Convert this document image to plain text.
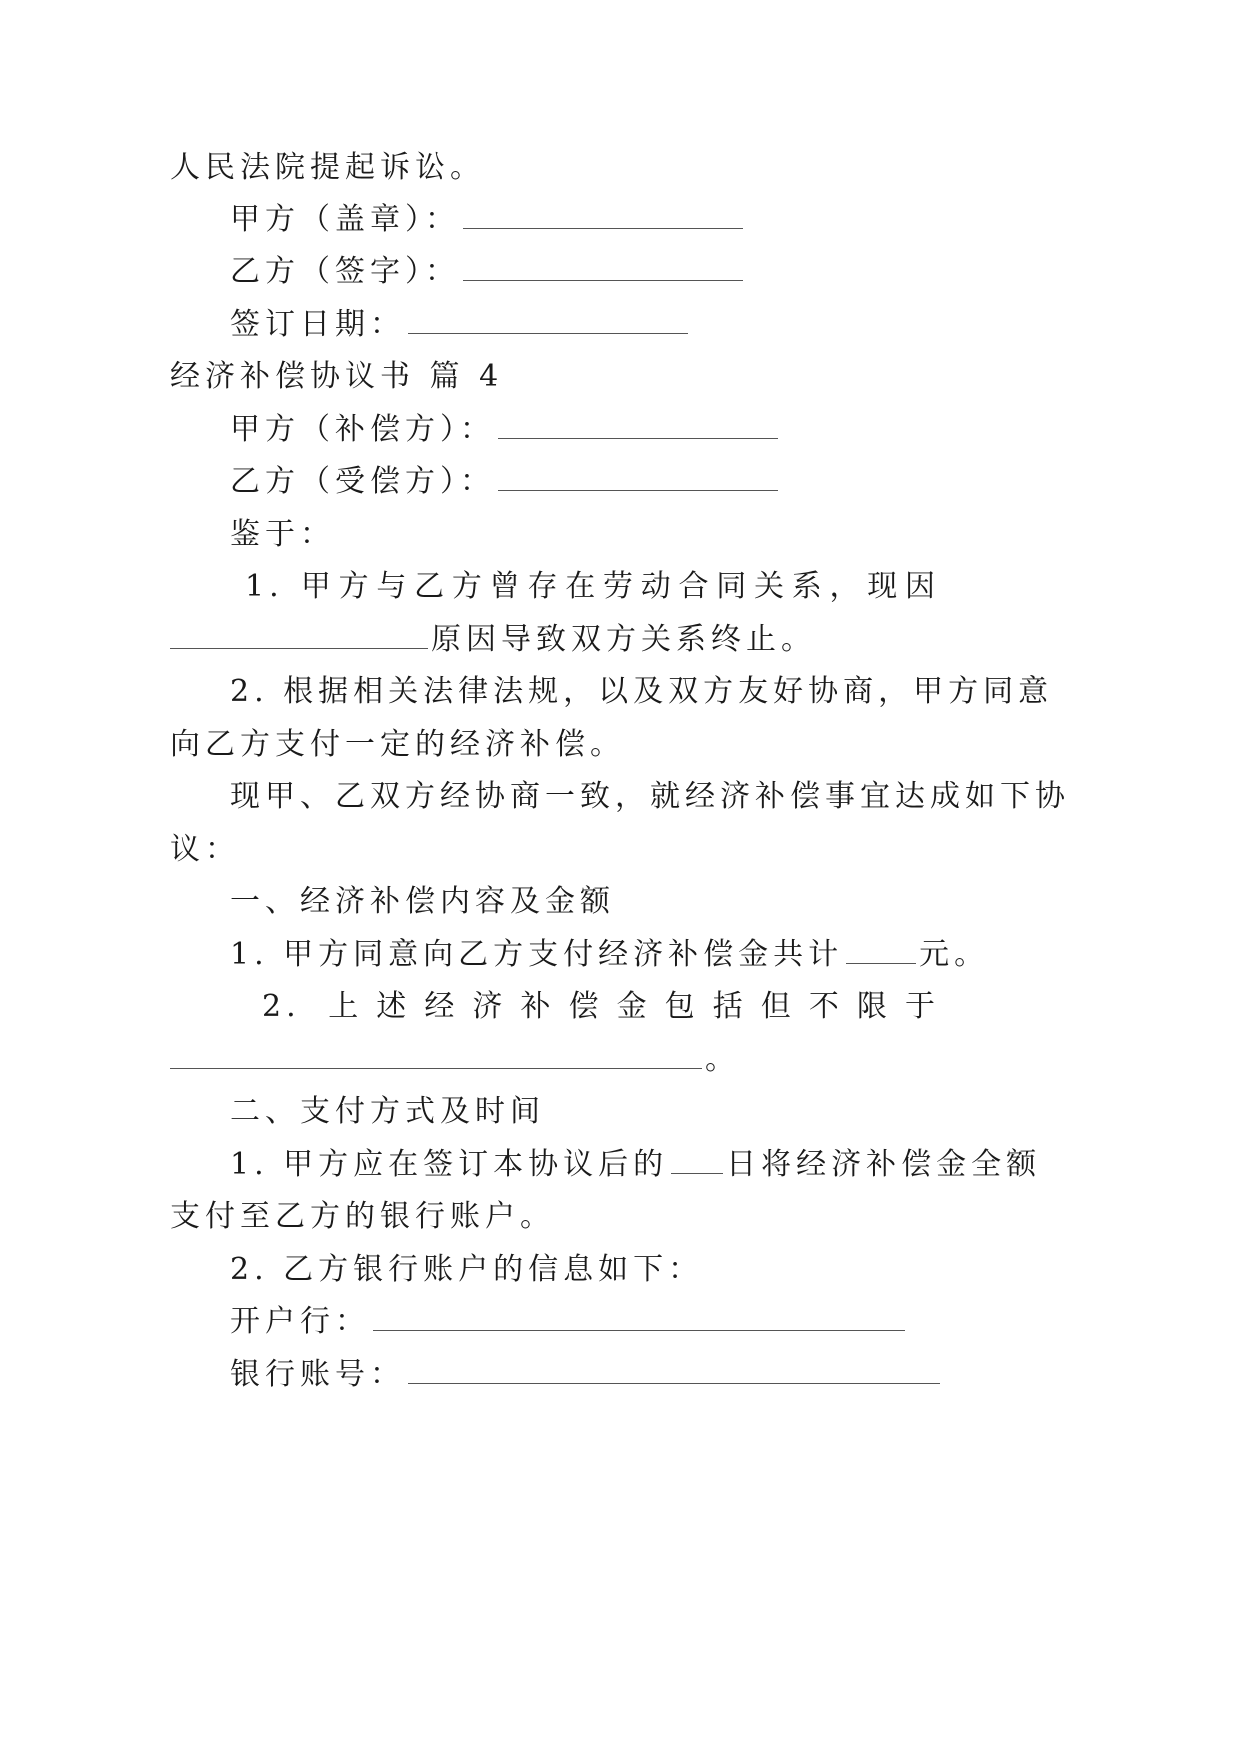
人民法院提起诉讼。

甲方（盖章）：

乙方（签字）：

签订日期：

经济补偿协议书 篇 4

甲方（补偿方）：

乙方（受偿方）：

鉴于：

1. 甲方与乙方曾存在劳动合同关系，现因

原因导致双方关系终止。

2. 根据相关法律法规，以及双方友好协商，甲方同意

向乙方支付一定的经济补偿。

现甲、乙双方经协商一致，就经济补偿事宜达成如下协

议：

一、经济补偿内容及金额

1. 甲方同意向乙方支付经济补偿金共计	元。

2. 上述经济补偿金包括但不限于

。

二、支付方式及时间

1. 甲方应在签订本协议后的 日将经济补偿金全额

支付至乙方的银行账户。

2. 乙方银行账户的信息如下：

开户行：

银行账号：
